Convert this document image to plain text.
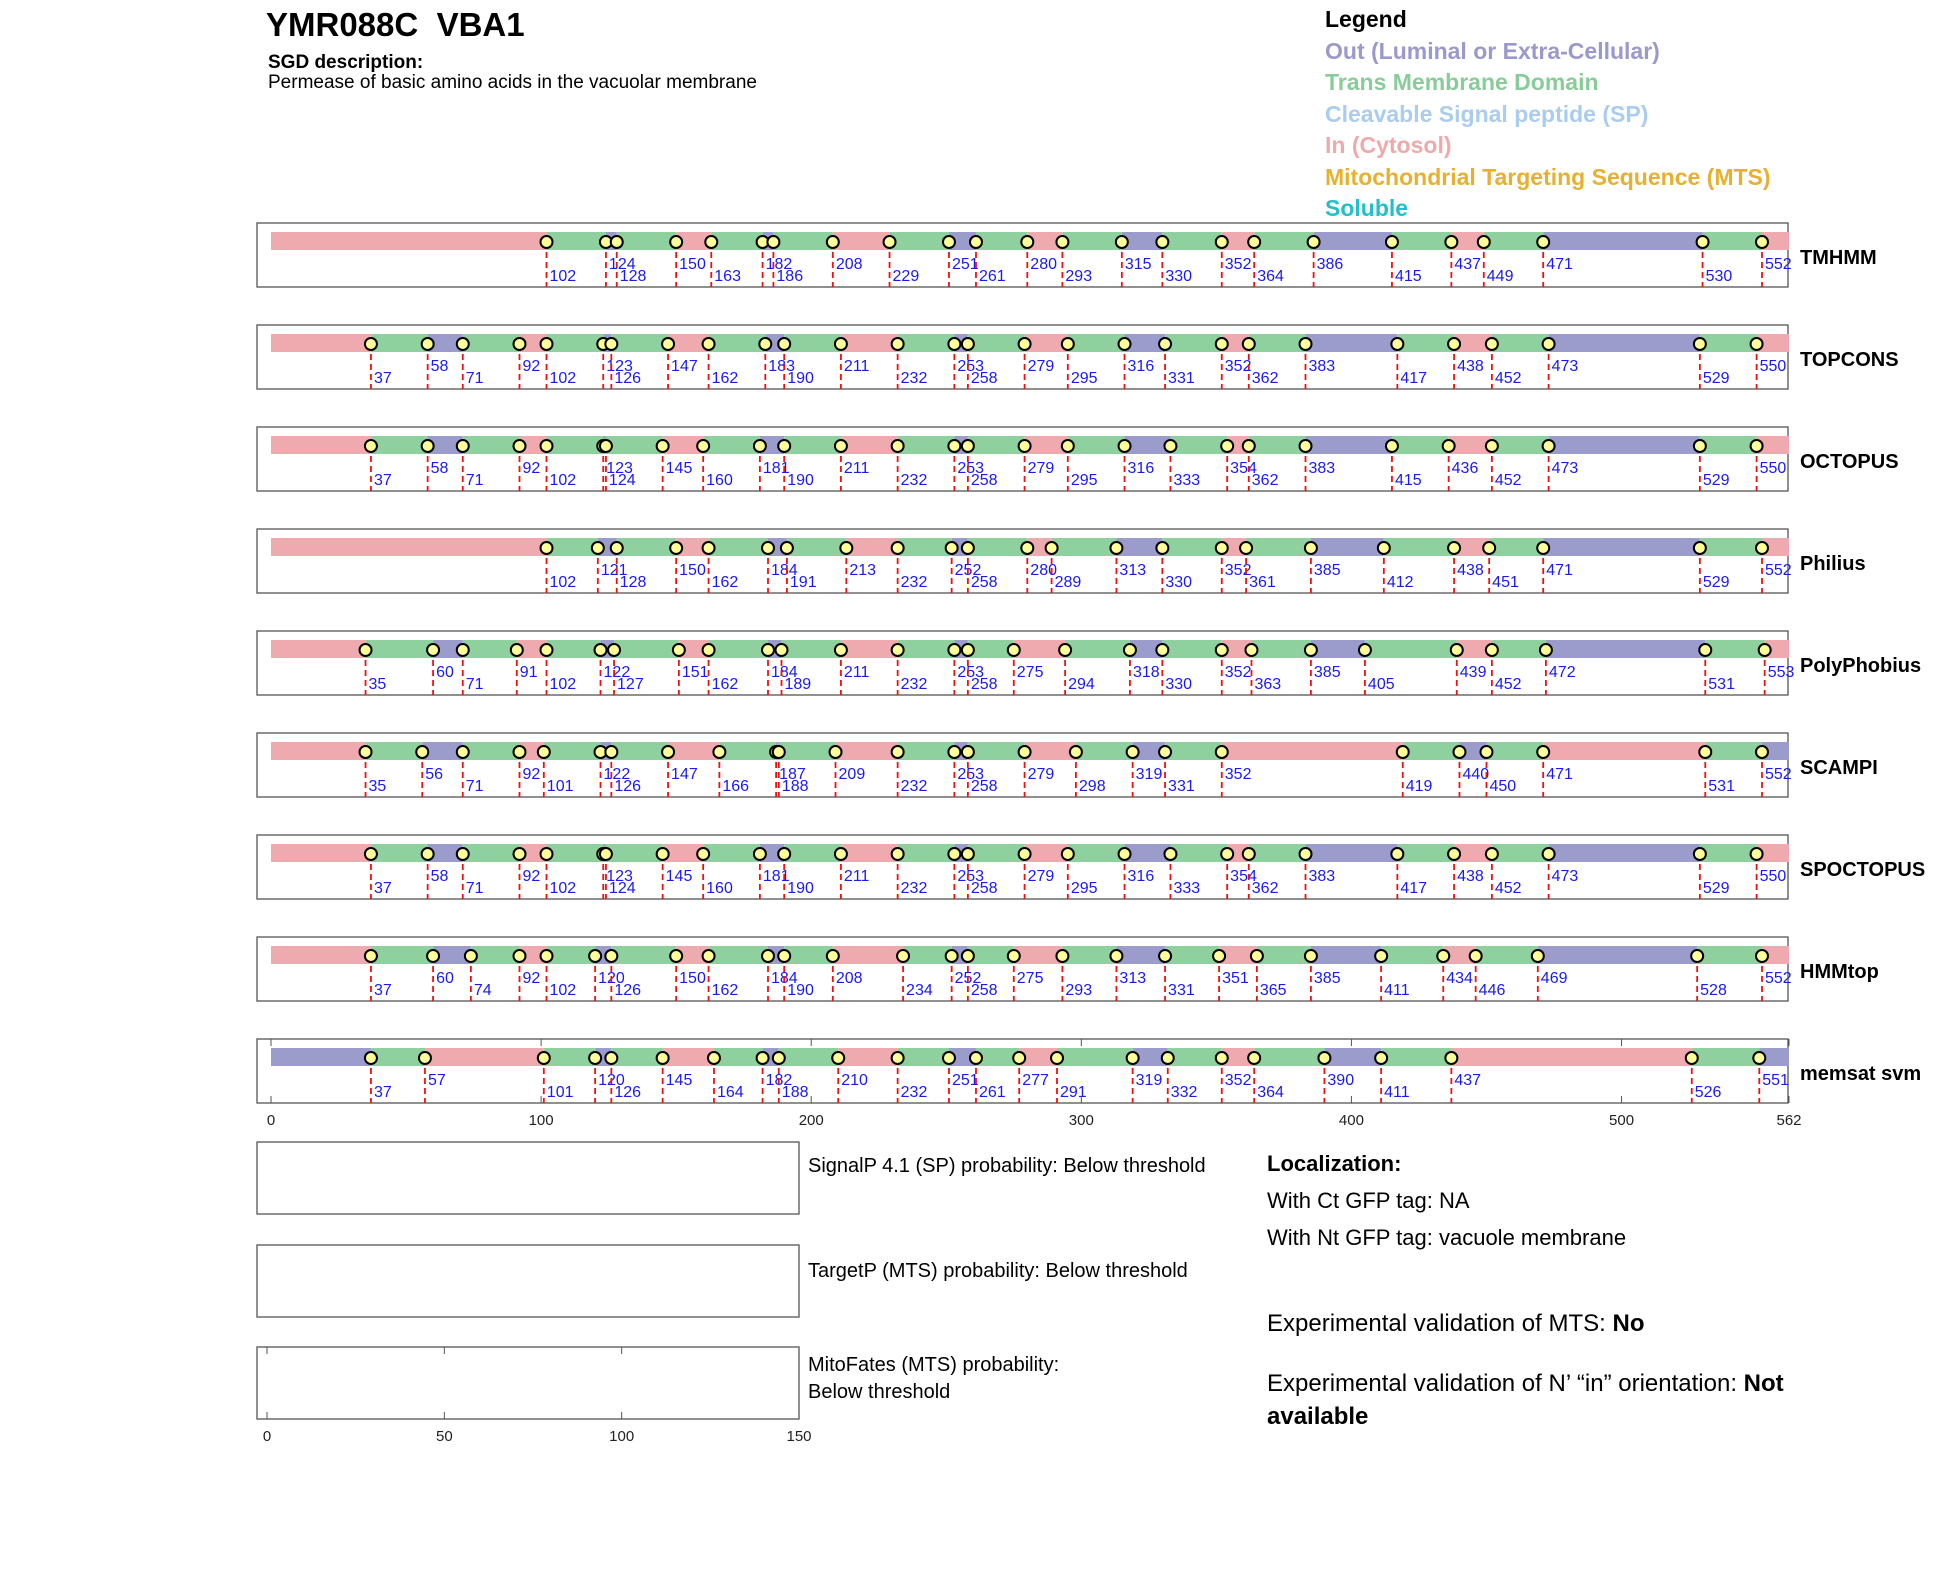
YMR088C VBA1
SGD description:
Permease of basic amino acids in the vacuolar membrane
Legend
Out (Luminal or Extra-Cellular)
Trans Membrane Domain
Cleavable Signal peptide (SP)
In (Cytosol)
Mitochondrial Targeting Sequence (MTS)
Soluble
102
124
128
150
163
182
186
208
229
251
261
280
293
315
330
352
364
386
415
437
449
471
530
552 TMHMM
37
58
71
92
102
123
126
147
162
183
190
211
232
253
258
279
295
316
331
352
362
383
417
438
452
473
529
550 TOPCONS
37
58
71
92
102
123
124
145
160
181
190
211
232
253
258
279
295
316
333
354
362
383
415
436
452
473
529
550 OCTOPUS
102
121
128
150
162
184
191
213
232
252
258
280
289
313
330
352
361
385
412
438
451
471
529
552 Philius
35
60
71
91
102
122
127
151
162
184
189
211
232
253
258
275
294
318
330
352
363
385
405
439
452
472
531
553 PolyPhobius
35
56
71
92
101
122
126
147
166
187
188
209
232
253
258
279
298
319
331
352
419
440
450
471
531
552 SCAMPI
37
58
71
92
102
123
124
145
160
181
190
211
232
253
258
279
295
316
333
354
362
383
417
438
452
473
529
550 SPOCTOPUS
37
60
74
92
102
120
126
150
162
184
190
208
234
252
258
275
293
313
331
351
365
385
411
434
446
469
528
552 HMMtop
37
57
101
120
126
145
164
182
188
210
232
251
261
277
291
319
332
352
364
390
411
437
526
551 memsat svm
0	100	200	300	400	500	562
0	50	100	150
SignalP 4.1 (SP) probability: Below threshold
TargetP (MTS) probability: Below threshold
MitoFates (MTS) probability: Below threshold
Localization:
With Ct GFP tag: NA
With Nt GFP tag: vacuole membrane
Experimental validation of MTS: No
Experimental validation of N’ “in” orientation: Not available
